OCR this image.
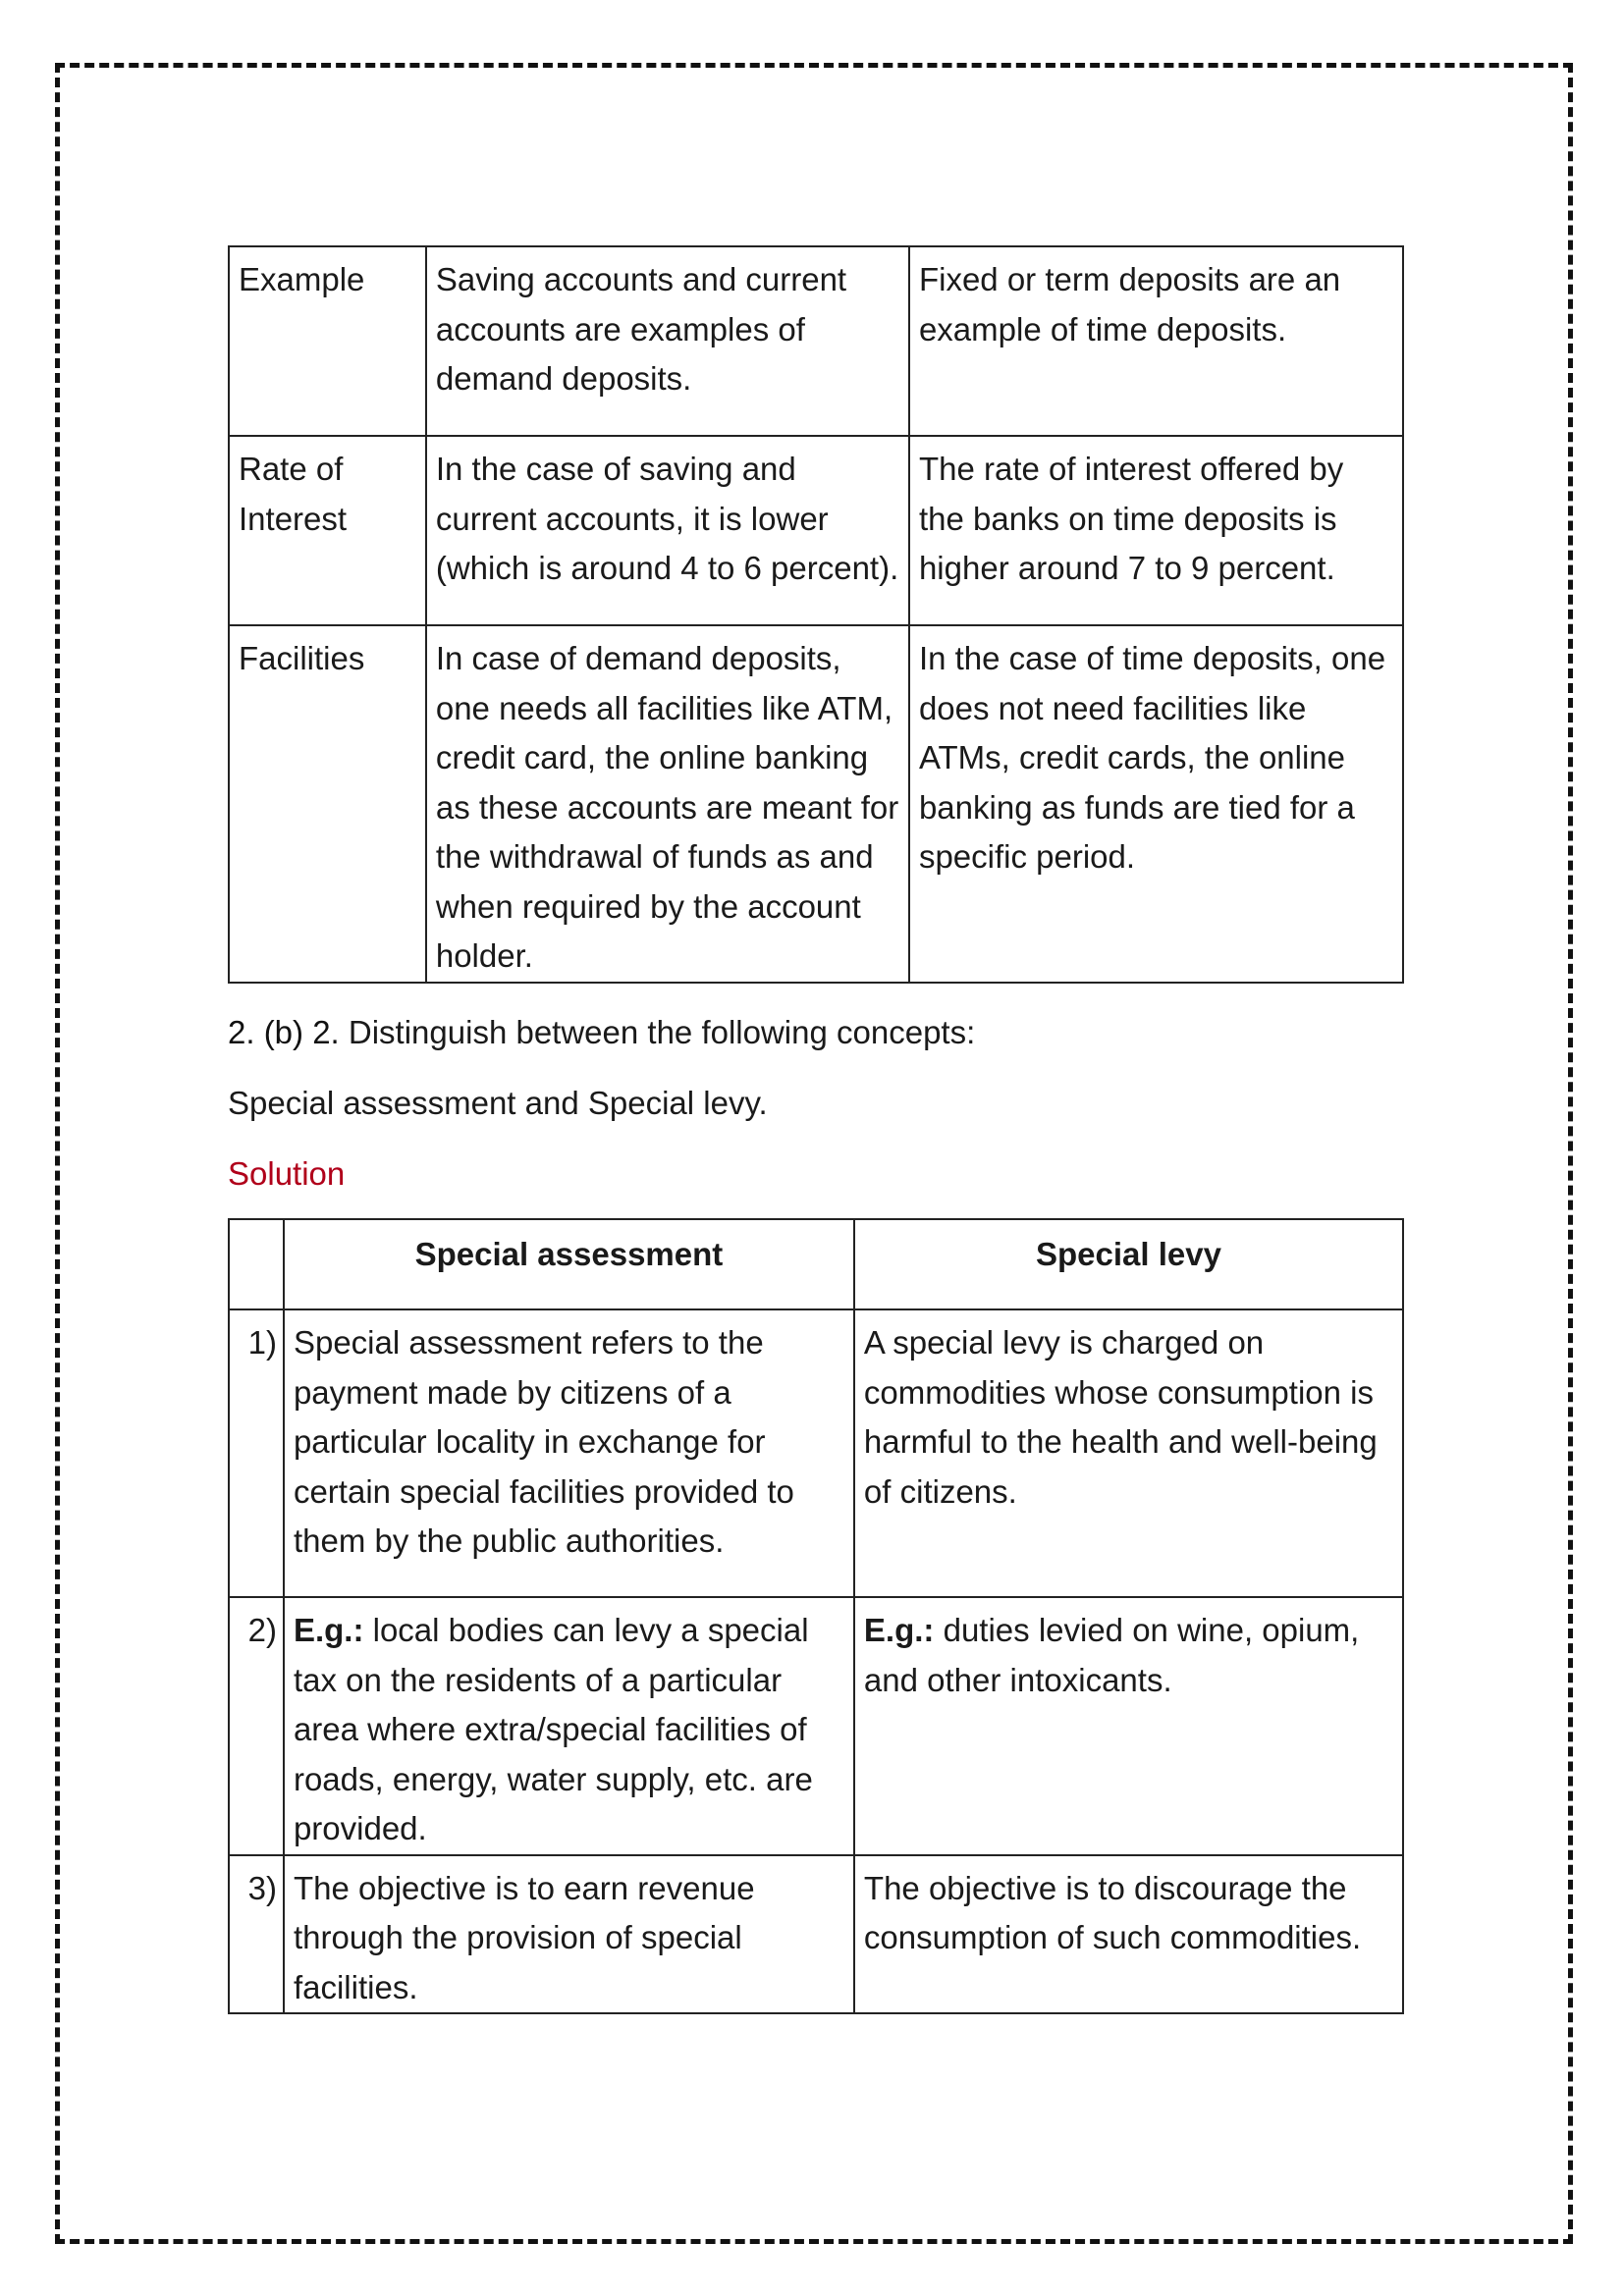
Example	Saving accounts and current accounts are examples of demand deposits.	Fixed or term deposits are an example of time deposits.
Rate of Interest	In the case of saving and current accounts, it is lower (which is around 4 to 6 percent).	The rate of interest offered by the banks on time deposits is higher around 7 to 9 percent.
Facilities	In case of demand deposits, one needs all facilities like ATM, credit card, the online banking as these accounts are meant for the withdrawal of funds as and when required by the account holder.	In the case of time deposits, one does not need facilities like ATMs, credit cards, the online banking as funds are tied for a specific period.
2. (b) 2. Distinguish between the following concepts:
Special assessment and Special levy.
Solution
	Special assessment	Special levy
1)	Special assessment refers to the payment made by citizens of a particular locality in exchange for certain special facilities provided to them by the public authorities.	A special levy is charged on commodities whose consumption is harmful to the health and well-being of citizens.
2)	E.g.: local bodies can levy a special tax on the residents of a particular area where extra/special facilities of roads, energy, water supply, etc. are provided.	E.g.: duties levied on wine, opium, and other intoxicants.
3)	The objective is to earn revenue through the provision of special facilities.	The objective is to discourage the consumption of such commodities.
